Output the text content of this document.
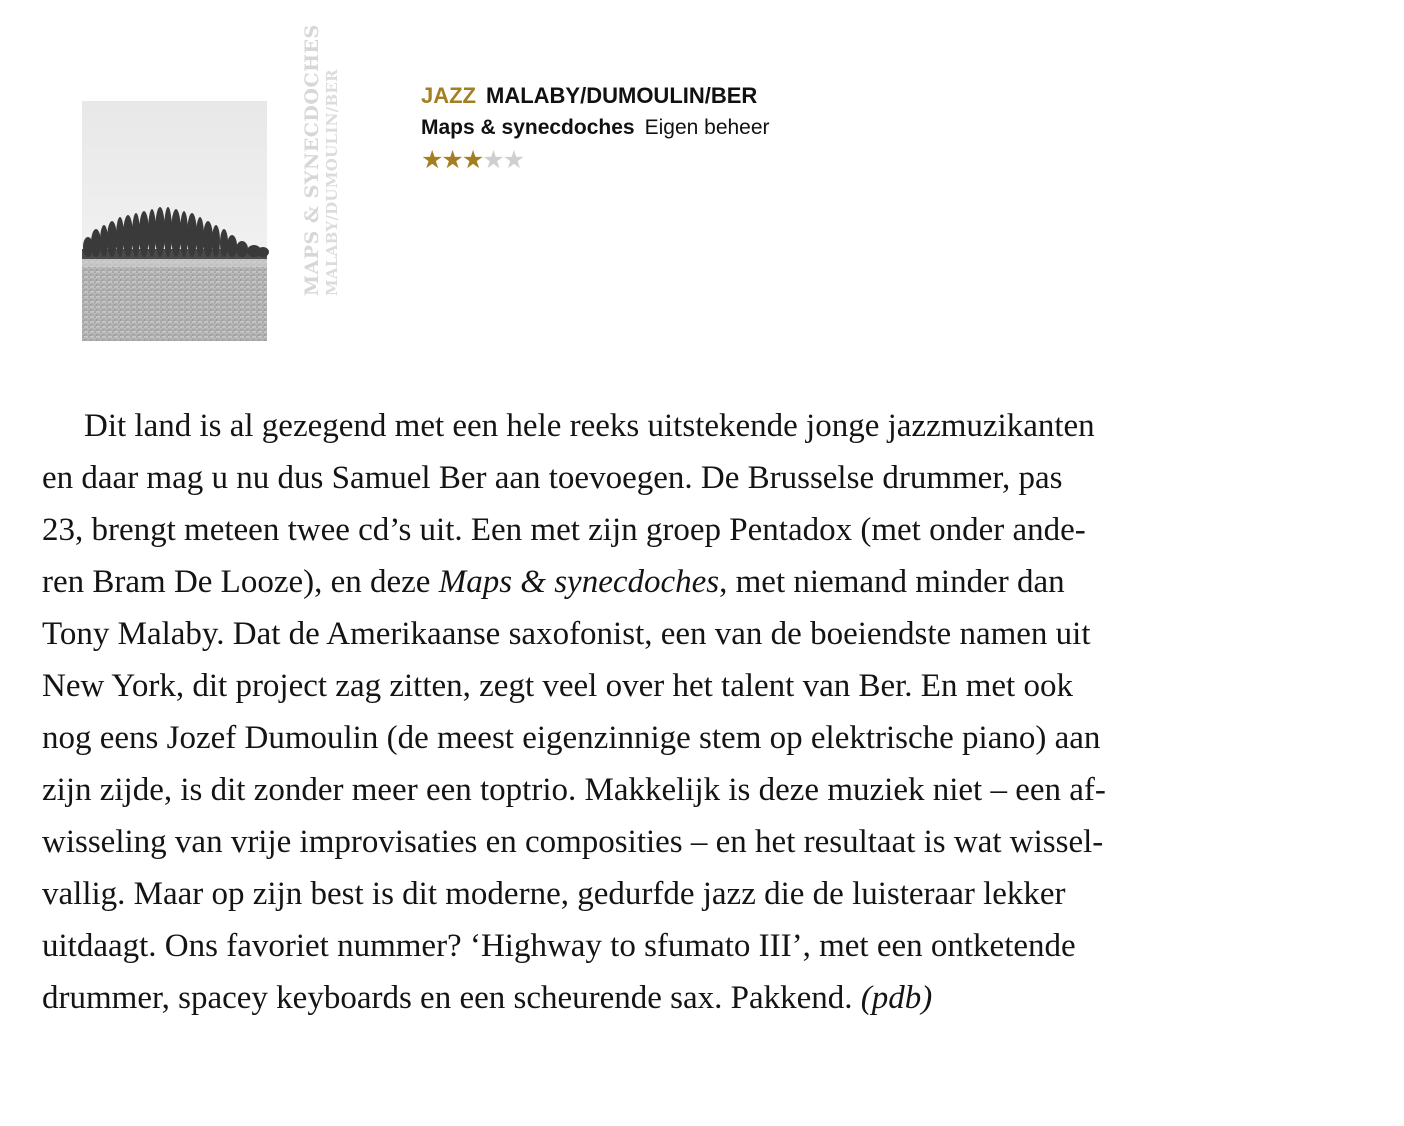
MAPS & SYNECDOCHES MALABY/DUMOULIN/BER	JAZZ MALABY/DUMOULIN/BER
Maps & synecdoches Eigen beheer
★★★★★
Dit land is al gezegend met een hele reeks uitstekende jonge jazzmuzikanten
en daar mag u nu dus Samuel Ber aan toevoegen. De Brusselse drummer, pas
23, brengt meteen twee cd’s uit. Een met zijn groep Pentadox (met onder ande-
ren Bram De Looze), en deze Maps & synecdoches, met niemand minder dan
Tony Malaby. Dat de Amerikaanse saxofonist, een van de boeiendste namen uit
New York, dit project zag zitten, zegt veel over het talent van Ber. En met ook
nog eens Jozef Dumoulin (de meest eigenzinnige stem op elektrische piano) aan
zijn zijde, is dit zonder meer een toptrio. Makkelijk is deze muziek niet – een af-
wisseling van vrije improvisaties en composities – en het resultaat is wat wissel-
vallig. Maar op zijn best is dit moderne, gedurfde jazz die de luisteraar lekker
uitdaagt. Ons favoriet nummer? ‘Highway to sfumato III’, met een ontketende
drummer, spacey keyboards en een scheurende sax. Pakkend. (pdb)
